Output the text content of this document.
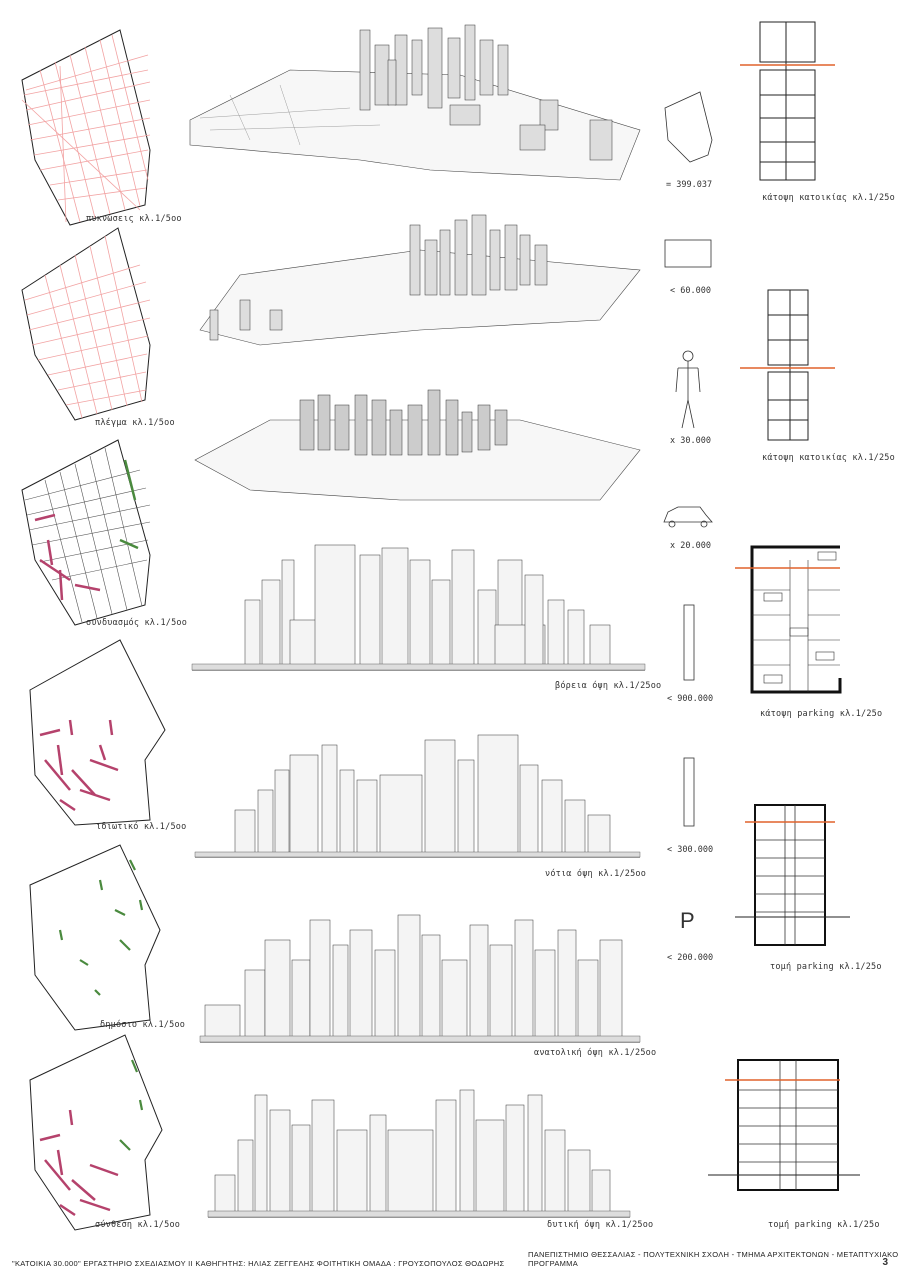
πυκνώσεις κλ.1/5οο
πλέγμα κλ.1/5οο
συνδυασμός κλ.1/5οο
ιδιωτικό κλ.1/5οο
δημόσιο κλ.1/5οο
σύνθεση κλ.1/5οο
βόρεια όψη κλ.1/25οο
νότια όψη κλ.1/25οο
ανατολική όψη κλ.1/25οο
δυτική όψη κλ.1/25οο
= 399.037
< 60.000
x 30.000
x 20.000
< 900.000
< 300.000
P
< 200.000
κάτοψη κατοικίας κλ.1/25ο
κάτοψη κατοικίας κλ.1/25ο
κάτοψη parking κλ.1/25ο
τομή parking κλ.1/25ο
τομή parking κλ.1/25ο
"ΚΑΤΟΙΚΙΑ 30.000" ΕΡΓΑΣΤΗΡΙΟ ΣΧΕΔΙΑΣΜΟΥ ΙΙ ΚΑΘΗΓΗΤΗΣ: ΗΛΙΑΣ ΖΕΓΓΕΛΗΣ ΦΟΙΤΗΤΙΚΗ ΟΜΑΔΑ : ΓΡΟΥΣΟΠΟΥΛΟΣ ΘΟΔΩΡΗΣ
ΠΑΝΕΠΙΣΤΗΜΙΟ ΘΕΣΣΑΛΙΑΣ - ΠΟΛΥΤΕΧΝΙΚΗ ΣΧΟΛΗ - ΤΜΗΜΑ ΑΡΧΙΤΕΚΤΟΝΩΝ - ΜΕΤΑΠΤΥΧΙΑΚΟ ΠΡΟΓΡΑΜΜΑ	3
